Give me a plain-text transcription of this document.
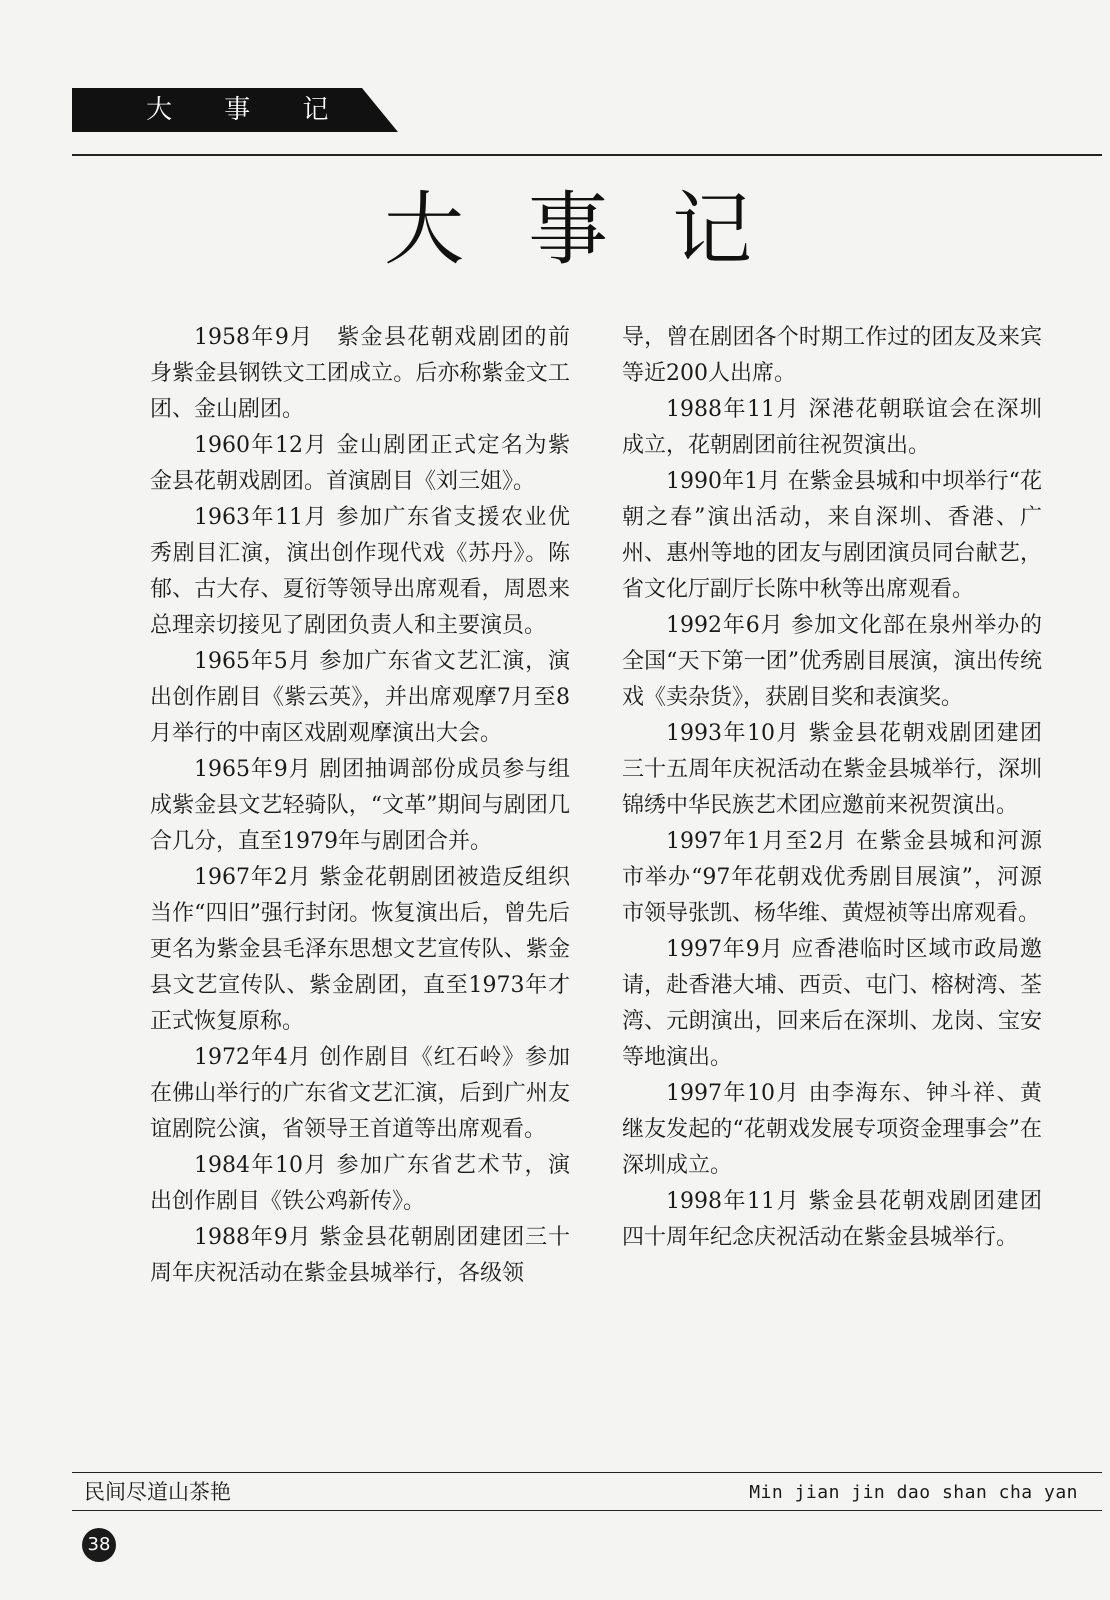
大 事 记
大事记

1958年9月　紫金县花朝戏剧团的前身紫金县钢铁文工团成立。后亦称紫金文工团、金山剧团。

1960年12月 金山剧团正式定名为紫金县花朝戏剧团。首演剧目《刘三姐》。

1963年11月 参加广东省支援农业优秀剧目汇演，演出创作现代戏《苏丹》。陈郁、古大存、夏衍等领导出席观看，周恩来总理亲切接见了剧团负责人和主要演员。

1965年5月 参加广东省文艺汇演，演出创作剧目《紫云英》，并出席观摩7月至8月举行的中南区戏剧观摩演出大会。

1965年9月 剧团抽调部份成员参与组成紫金县文艺轻骑队，“文革”期间与剧团几合几分，直至1979年与剧团合并。

1967年2月 紫金花朝剧团被造反组织当作“四旧”强行封闭。恢复演出后，曾先后更名为紫金县毛泽东思想文艺宣传队、紫金县文艺宣传队、紫金剧团，直至1973年才正式恢复原称。

1972年4月 创作剧目《红石岭》参加在佛山举行的广东省文艺汇演，后到广州友谊剧院公演，省领导王首道等出席观看。

1984年10月 参加广东省艺术节，演出创作剧目《铁公鸡新传》。

1988年9月 紫金县花朝剧团建团三十周年庆祝活动在紫金县城举行，各级领

导，曾在剧团各个时期工作过的团友及来宾等近200人出席。

1988年11月 深港花朝联谊会在深圳成立，花朝剧团前往祝贺演出。

1990年1月 在紫金县城和中坝举行“花朝之春”演出活动，来自深圳、香港、广州、惠州等地的团友与剧团演员同台献艺，省文化厅副厅长陈中秋等出席观看。

1992年6月 参加文化部在泉州举办的全国“天下第一团”优秀剧目展演，演出传统戏《卖杂货》，获剧目奖和表演奖。

1993年10月 紫金县花朝戏剧团建团三十五周年庆祝活动在紫金县城举行，深圳锦绣中华民族艺术团应邀前来祝贺演出。

1997年1月至2月 在紫金县城和河源市举办“97年花朝戏优秀剧目展演”，河源市领导张凯、杨华维、黄煜祯等出席观看。

1997年9月 应香港临时区域市政局邀请，赴香港大埔、西贡、屯门、榕树湾、荃湾、元朗演出，回来后在深圳、龙岗、宝安等地演出。

1997年10月 由李海东、钟斗祥、黄继友发起的“花朝戏发展专项资金理事会”在深圳成立。

1998年11月 紫金县花朝戏剧团建团四十周年纪念庆祝活动在紫金县城举行。

民间尽道山茶艳	Min jian jin dao shan cha yan
38
